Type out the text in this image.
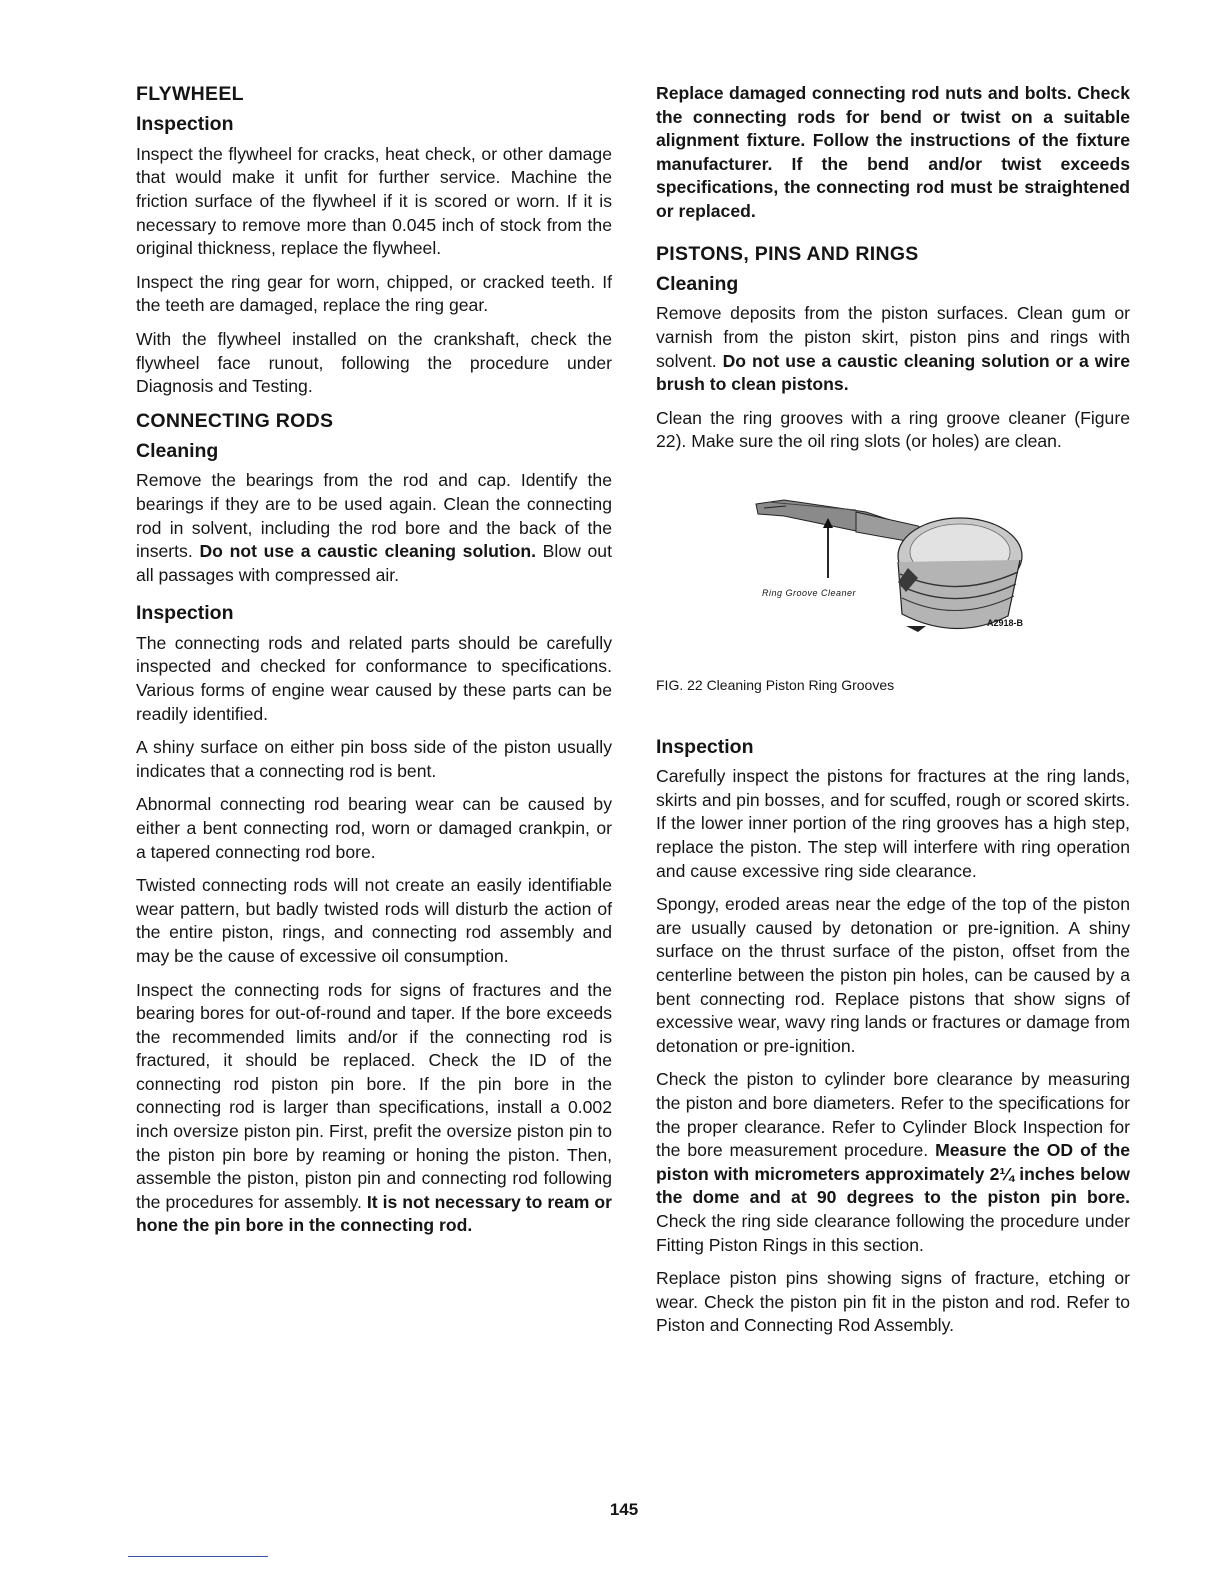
FLYWHEEL
Inspection

Inspect the flywheel for cracks, heat check, or other damage that would make it unfit for further service. Machine the friction surface of the flywheel if it is scored or worn. If it is necessary to remove more than 0.045 inch of stock from the original thickness, replace the flywheel.

Inspect the ring gear for worn, chipped, or cracked teeth. If the teeth are damaged, replace the ring gear.

With the flywheel installed on the crankshaft, check the flywheel face runout, following the procedure under Diagnosis and Testing.

CONNECTING RODS
Cleaning

Remove the bearings from the rod and cap. Identify the bearings if they are to be used again. Clean the connecting rod in solvent, including the rod bore and the back of the inserts. Do not use a caustic cleaning solution. Blow out all passages with compressed air.

Inspection

The connecting rods and related parts should be carefully inspected and checked for conformance to specifications. Various forms of engine wear caused by these parts can be readily identified.

A shiny surface on either pin boss side of the piston usually indicates that a connecting rod is bent.

Abnormal connecting rod bearing wear can be caused by either a bent connecting rod, worn or damaged crankpin, or a tapered connecting rod bore.

Twisted connecting rods will not create an easily identifiable wear pattern, but badly twisted rods will disturb the action of the entire piston, rings, and connecting rod assembly and may be the cause of excessive oil consumption.

Inspect the connecting rods for signs of fractures and the bearing bores for out-of-round and taper. If the bore exceeds the recommended limits and/or if the connecting rod is fractured, it should be replaced. Check the ID of the connecting rod piston pin bore. If the pin bore in the connecting rod is larger than specifications, install a 0.002 inch oversize piston pin. First, prefit the oversize piston pin to the piston pin bore by reaming or honing the piston. Then, assemble the piston, piston pin and connecting rod following the procedures for assembly. It is not necessary to ream or hone the pin bore in the connecting rod.

Replace damaged connecting rod nuts and bolts. Check the connecting rods for bend or twist on a suitable alignment fixture. Follow the instructions of the fixture manufacturer. If the bend and/or twist exceeds specifications, the connecting rod must be straightened or replaced.

PISTONS, PINS AND RINGS
Cleaning

Remove deposits from the piston surfaces. Clean gum or varnish from the piston skirt, piston pins and rings with solvent. Do not use a caustic cleaning solution or a wire brush to clean pistons.

Clean the ring grooves with a ring groove cleaner (Figure 22). Make sure the oil ring slots (or holes) are clean.

Ring Groove Cleaner
A2918-B
FIG. 22 Cleaning Piston Ring Grooves
Inspection

Carefully inspect the pistons for fractures at the ring lands, skirts and pin bosses, and for scuffed, rough or scored skirts. If the lower inner portion of the ring grooves has a high step, replace the piston. The step will interfere with ring operation and cause excessive ring side clearance.

Spongy, eroded areas near the edge of the top of the piston are usually caused by detonation or pre-ignition. A shiny surface on the thrust surface of the piston, offset from the centerline between the piston pin holes, can be caused by a bent connecting rod. Replace pistons that show signs of excessive wear, wavy ring lands or fractures or damage from detonation or pre-ignition.

Check the piston to cylinder bore clearance by measuring the piston and bore diameters. Refer to the specifications for the proper clearance. Refer to Cylinder Block Inspection for the bore measurement procedure. Measure the OD of the piston with micrometers approximately 2¼ inches below the dome and at 90 degrees to the piston pin bore. Check the ring side clearance following the procedure under Fitting Piston Rings in this section.

Replace piston pins showing signs of fracture, etching or wear. Check the piston pin fit in the piston and rod. Refer to Piston and Connecting Rod Assembly.

145
